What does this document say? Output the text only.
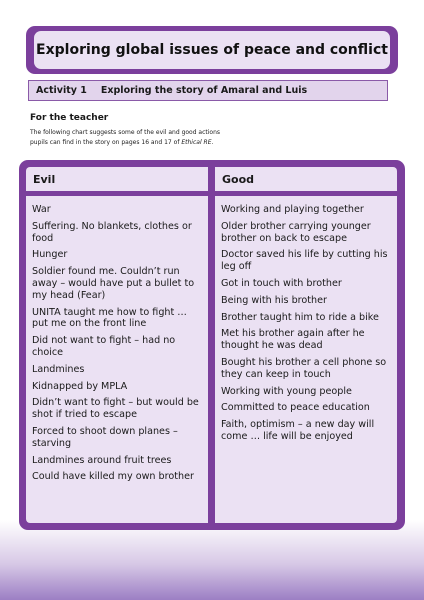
Exploring global issues of peace and conflict
Activity 1 Exploring the story of Amaral and Luis
For the teacher
The following chart suggests some of the evil and good actions
pupils can find in the story on pages 16 and 17 of Ethical RE.
Evil	Good
War
Suffering. No blankets, clothes or food
Hunger
Soldier found me. Couldn’t run away – would have put a bullet to my head (Fear)
UNITA taught me how to fight … put me on the front line
Did not want to fight – had no choice
Landmines
Kidnapped by MPLA
Didn’t want to fight – but would be shot if tried to escape
Forced to shoot down planes – starving
Landmines around fruit trees
Could have killed my own brother
Working and playing together
Older brother carrying younger brother on back to escape
Doctor saved his life by cutting his leg off
Got in touch with brother
Being with his brother
Brother taught him to ride a bike
Met his brother again after he thought he was dead
Bought his brother a cell phone so they can keep in touch
Working with young people
Committed to peace education
Faith, optimism – a new day will come … life will be enjoyed
